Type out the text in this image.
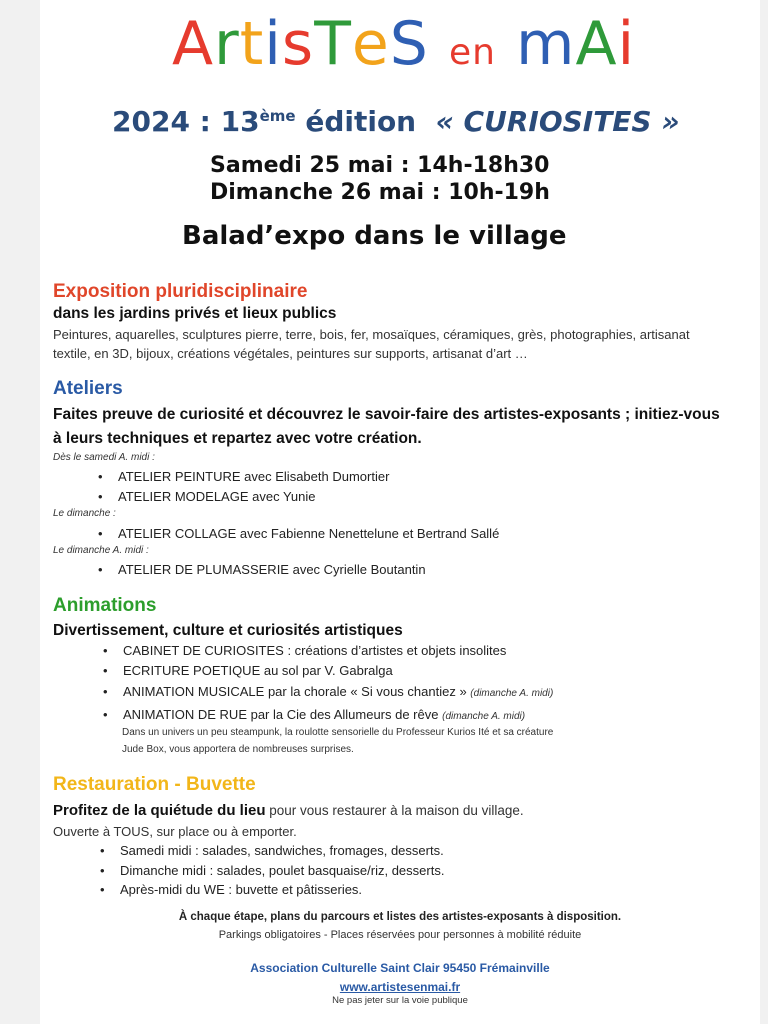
ArtisTeS en mAi
2024 : 13ème édition « CURIOSITES »
Samedi 25 mai : 14h-18h30
Dimanche 26 mai : 10h-19h
Balad’expo dans le village
Exposition pluridisciplinaire
dans les jardins privés et lieux publics
Peintures, aquarelles, sculptures pierre, terre, bois, fer, mosaïques, céramiques, grès, photographies, artisanat
textile, en 3D, bijoux, créations végétales, peintures sur supports, artisanat d’art …
Ateliers
Faites preuve de curiosité et découvrez le savoir-faire des artistes-exposants ; initiez-vous
à leurs techniques et repartez avec votre création.
Dès le samedi A. midi :
• ATELIER PEINTURE avec Elisabeth Dumortier
• ATELIER MODELAGE avec Yunie
Le dimanche :
• ATELIER COLLAGE avec Fabienne Nenettelune et Bertrand Sallé
Le dimanche A. midi :
• ATELIER DE PLUMASSERIE avec Cyrielle Boutantin
Animations
Divertissement, culture et curiosités artistiques
• CABINET DE CURIOSITES : créations d’artistes et objets insolites
• ECRITURE POETIQUE au sol par V. Gabralga
• ANIMATION MUSICALE par la chorale « Si vous chantiez » (dimanche A. midi)
• ANIMATION DE RUE par la Cie des Allumeurs de rêve (dimanche A. midi)
Dans un univers un peu steampunk, la roulotte sensorielle du Professeur Kurios Ité et sa créature
Jude Box, vous apportera de nombreuses surprises.
Restauration - Buvette
Profitez de la quiétude du lieu pour vous restaurer à la maison du village.
Ouverte à TOUS, sur place ou à emporter.
• Samedi midi : salades, sandwiches, fromages, desserts.
• Dimanche midi : salades, poulet basquaise/riz, desserts.
• Après-midi du WE : buvette et pâtisseries.
À chaque étape, plans du parcours et listes des artistes-exposants à disposition.
Parkings obligatoires - Places réservées pour personnes à mobilité réduite
Association Culturelle Saint Clair 95450 Frémainville
www.artistesenmai.fr
Ne pas jeter sur la voie publique
